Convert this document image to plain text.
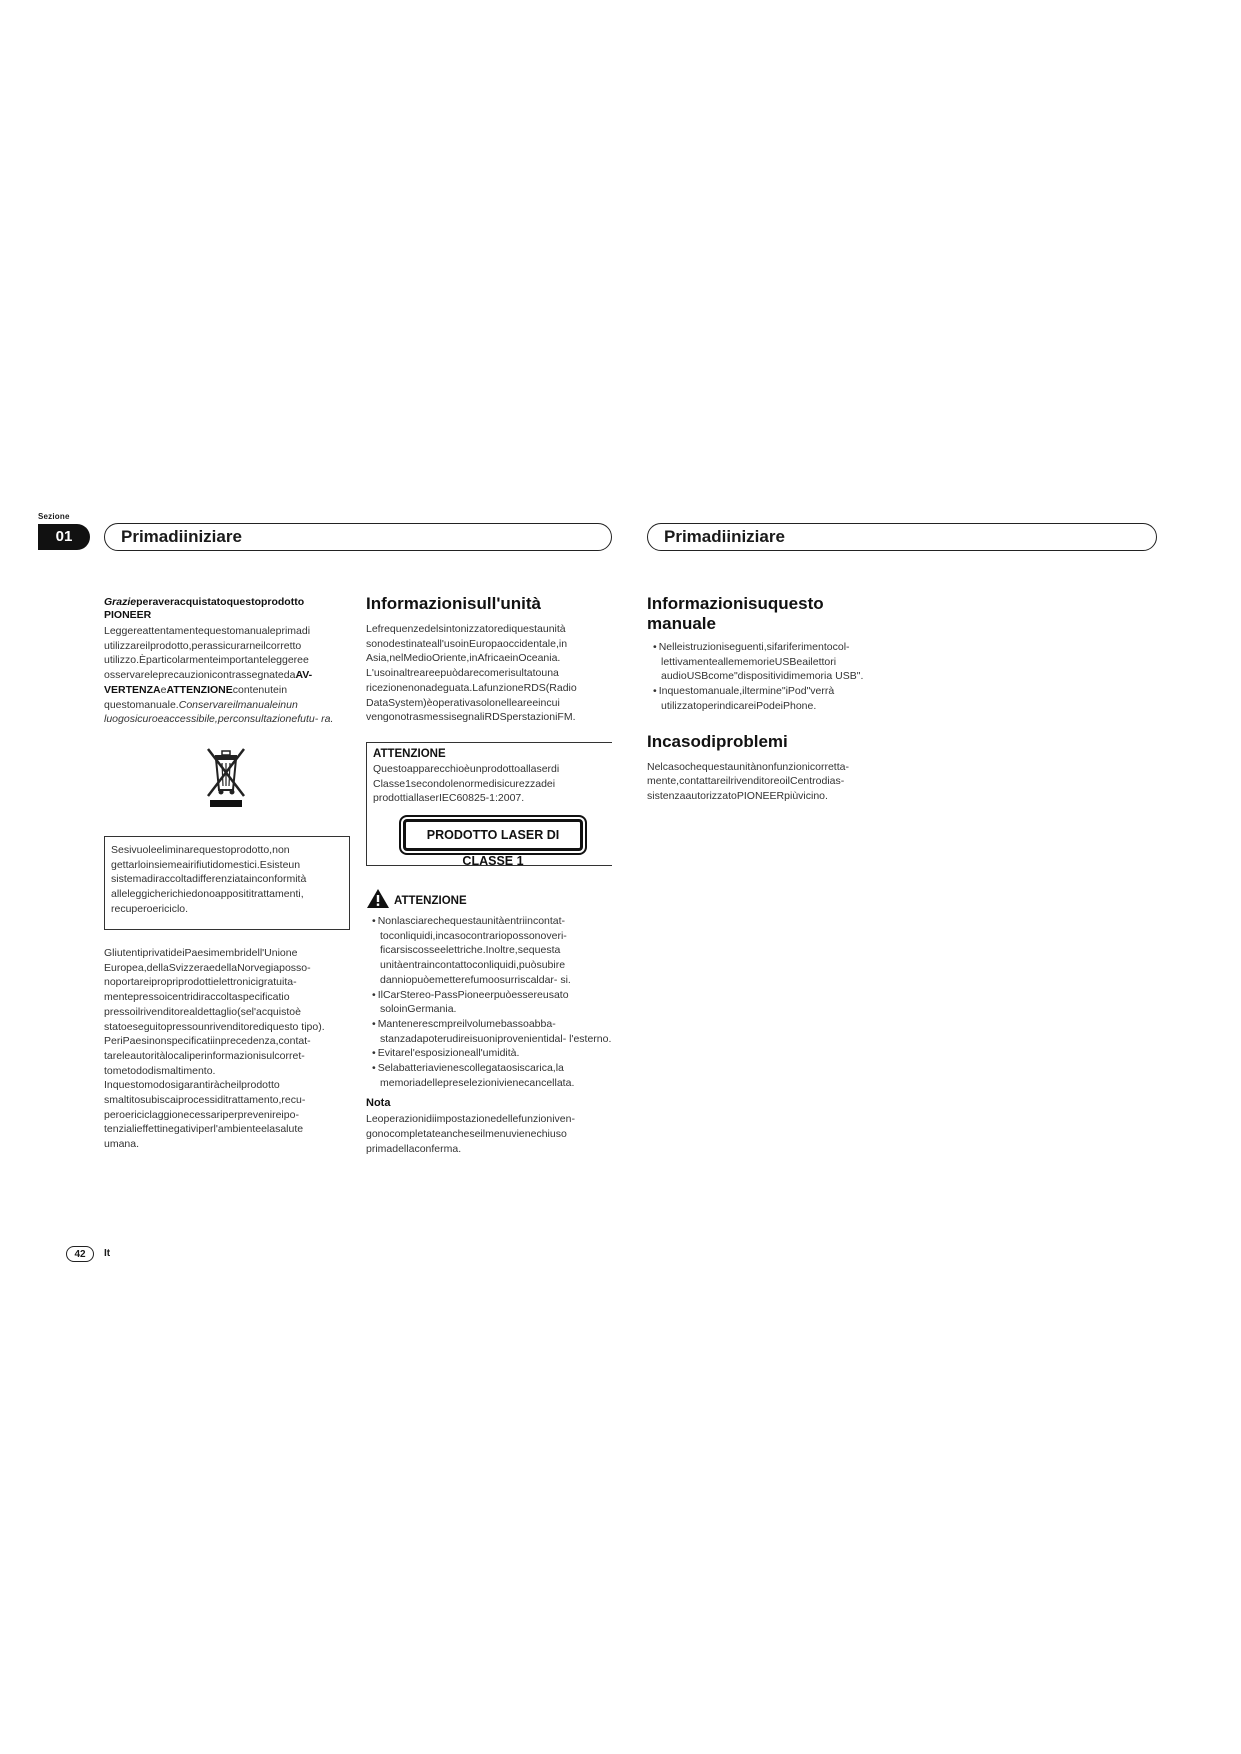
Sezione
01	Primadiiniziare	Primadiiniziare
Grazieperaveracquistatoquestoprodotto
PIONEER

Leggereattentamentequestomanualeprimadi utilizzareilprodotto,perassicurarneilcorretto utilizzo.Èparticolarmenteimportanteleggeree osservareleprecauzionicontrassegnatedaAV- VERTENZAeATTENZIONEcontenutein questomanuale.Conservareilmanualeinun luogosicuroeaccessibile,perconsultazionefutu- ra.

Sesivuoleeliminarequestoprodotto,non gettarloinsiemeairifiutidomestici.Esisteun sistemadiraccoltadifferenziatainconformità alleleggicherichiedonoapposititrattamenti, recuperoericiclo.

GliutentiprivatideiPaesimembridell'Unione Europea,dellaSvizzeraedellaNorvegiaposso- noportareipropriprodottielettronicigratuita- mentepressoicentridiraccoltaspecificatio pressoilrivenditorealdettaglio(sel'acquistoè statoeseguitopressounrivenditorediquesto tipo).

PeriPaesinonspecificatiinprecedenza,contat- tareleautoritàlocaliperinformazionisulcorret- tometododismaltimento.

Inquestomodosigarantiràcheilprodotto smaltitosubiscaiprocessiditrattamento,recu- peroericiclaggionecessariperprevenireipo- tenzialieffettinegativiperl'ambienteelasalute umana.

Informazionisull'unità

Lefrequenzedelsintonizzatorediquestaunità sonodestinateall'usoinEuropaoccidentale,in Asia,nelMedioOriente,inAfricaeinOceania. L'usoinaltreareepuòdarecomerisultatouna ricezionenonadeguata.LafunzioneRDS(Radio DataSystem)èoperativasolonelleareeincui vengonotrasmessisegnaliRDSperstazioniFM.

ATTENZIONE

Questoapparecchioèunprodottoallaserdi Classe1secondolenormedisicurezzadei prodottiallaserIEC60825-1:2007.

PRODOTTO LASER DI CLASSE 1
ATTENZIONE
• Nonlasciarechequestaunitàentriincontat- toconliquidi,incasocontrariopossonoveri- ficarsiscosseelettriche.Inoltre,sequesta unitàentraincontattoconliquidi,puòsubire danniopuòemetterefumoosurriscaldar- si.
• IlCarStereo-PassPioneerpuòessereusato soloinGermania.
• Mantenerescmpreilvolumebassoabba- stanzadapoterudireisuoniprovenientidal- l'esterno.
• Evitarel'esposizioneall'umidità.
• Selabatteriavienescollegataosiscarica,la memoriadellepreselezionivienecancellata.
Nota

Leoperazionidiimpostazionedellefunzioniven- gonocompletateancheseilmenuvienechiuso primadellaconferma.

Informazionisuquesto manuale
• Nelleistruzioniseguenti,sifariferimentocol- lettivamenteallememorieUSBeailettori audioUSBcome"dispositividimemoria USB".
• Inquestomanuale,iltermine"iPod"verrà utilizzatoperindicareiPodeiPhone.
Incasodiproblemi

Nelcasochequestaunitànonfunzionicorretta- mente,contattareilrivenditoreoilCentrodias- sistenzaautorizzatoPIONEERpiùvicino.

42	It
